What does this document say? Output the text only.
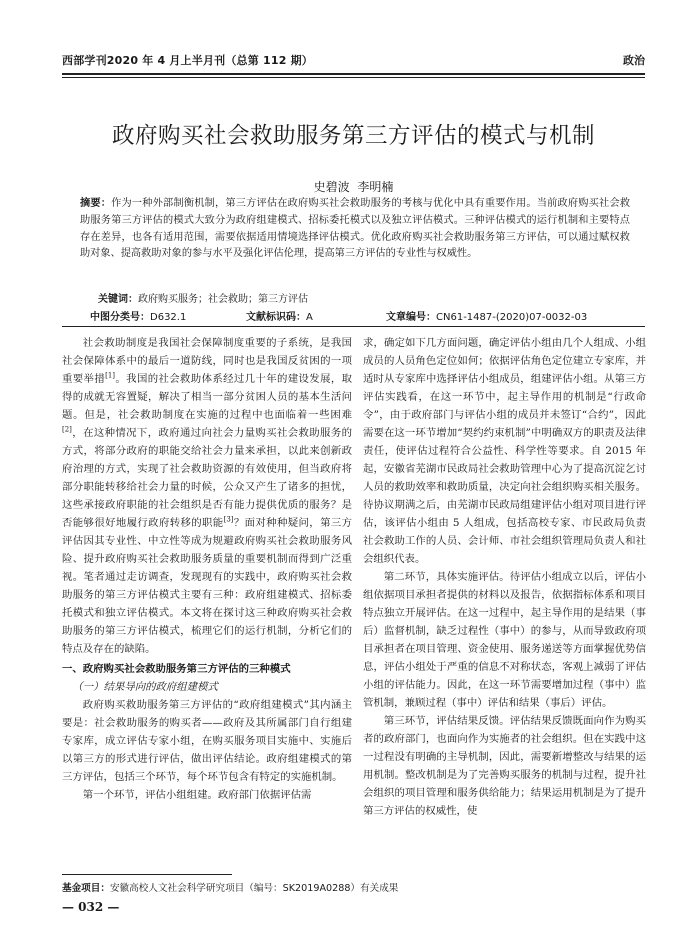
西部学刊2020 年 4 月上半月刊（总第 112 期）	政治
政府购买社会救助服务第三方评估的模式与机制
史碧波 李明楠
摘要：作为一种外部制衡机制，第三方评估在政府购买社会救助服务的考核与优化中具有重要作用。当前政府购买社会救助服务第三方评估的模式大致分为政府组建模式、招标委托模式以及独立评估模式。三种评估模式的运行机制和主要特点存在差异，也各有适用范围，需要依据适用情境选择评估模式。优化政府购买社会救助服务第三方评估，可以通过赋权救助对象、提高救助对象的参与水平及强化评估伦理，提高第三方评估的专业性与权威性。
关键词：政府购买服务；社会救助；第三方评估
中图分类号：D632.1	文献标识码：A	文章编号：CN61-1487-(2020)07-0032-03

社会救助制度是我国社会保障制度重要的子系统，是我国社会保障体系中的最后一道防线，同时也是我国反贫困的一项重要举措[1]。我国的社会救助体系经过几十年的建设发展，取得的成就无容置疑，解决了相当一部分贫困人员的基本生活问题。但是，社会救助制度在实施的过程中也面临着一些困难[2]，在这种情况下，政府通过向社会力量购买社会救助服务的方式，将部分政府的职能交给社会力量来承担，以此来创新政府治理的方式，实现了社会救助资源的有效使用，但当政府将部分职能转移给社会力量的时候，公众又产生了诸多的担忧，这些承接政府职能的社会组织是否有能力提供优质的服务？是否能够很好地履行政府转移的职能[3]？面对种种疑问，第三方评估因其专业性、中立性等成为规避政府购买社会救助服务风险、提升政府购买社会救助服务质量的重要机制而得到广泛重视。笔者通过走访调查，发现现有的实践中，政府购买社会救助服务的第三方评估模式主要有三种：政府组建模式、招标委托模式和独立评估模式。本文将在探讨这三种政府购买社会救助服务的第三方评估模式，梳理它们的运行机制，分析它们的特点及存在的缺陷。

一、政府购买社会救助服务第三方评估的三种模式

（一）结果导向的政府组建模式

政府购买救助服务第三方评估的“政府组建模式”其内涵主要是：社会救助服务的购买者——政府及其所属部门自行组建专家库，成立评估专家小组，在购买服务项目实施中、实施后以第三方的形式进行评估，做出评估结论。政府组建模式的第三方评估，包括三个环节，每个环节包含有特定的实施机制。

第一个环节，评估小组组建。政府部门依据评估需

求，确定如下几方面问题，确定评估小组由几个人组成、小组成员的人员角色定位如何；依据评估角色定位建立专家库，并适时从专家库中选择评估小组成员，组建评估小组。从第三方评估实践看，在这一环节中，起主导作用的机制是“行政命令”，由于政府部门与评估小组的成员并未签订“合约”，因此需要在这一环节增加“契约约束机制”中明确双方的职责及法律责任，使评估过程符合公益性、科学性等要求。自 2015 年起，安徽省芜湖市民政局社会救助管理中心为了提高沉淀乞讨人员的救助效率和救助质量，决定向社会组织购买相关服务。待协议期满之后，由芜湖市民政局组建评估小组对项目进行评估，该评估小组由 5 人组成，包括高校专家、市民政局负责社会救助工作的人员、会计师、市社会组织管理局负责人和社会组织代表。

第二环节，具体实施评估。待评估小组成立以后，评估小组依据项目承担者提供的材料以及报告，依据指标体系和项目特点独立开展评估。在这一过程中，起主导作用的是结果（事后）监督机制，缺乏过程性（事中）的参与，从而导致政府项目承担者在项目管理、资金使用、服务递送等方面掌握优势信息，评估小组处于严重的信息不对称状态，客观上减弱了评估小组的评估能力。因此，在这一环节需要增加过程（事中）监管机制，兼顾过程（事中）评估和结果（事后）评估。

第三环节，评估结果反馈。评估结果反馈既面向作为购买者的政府部门，也面向作为实施者的社会组织。但在实践中这一过程没有明确的主导机制，因此，需要新增整改与结果的运用机制。整改机制是为了完善购买服务的机制与过程，提升社会组织的项目管理和服务供给能力；结果运用机制是为了提升第三方评估的权威性，使

基金项目：安徽高校人文社会科学研究项目（编号：SK2019A0288）有关成果
— 032 —
